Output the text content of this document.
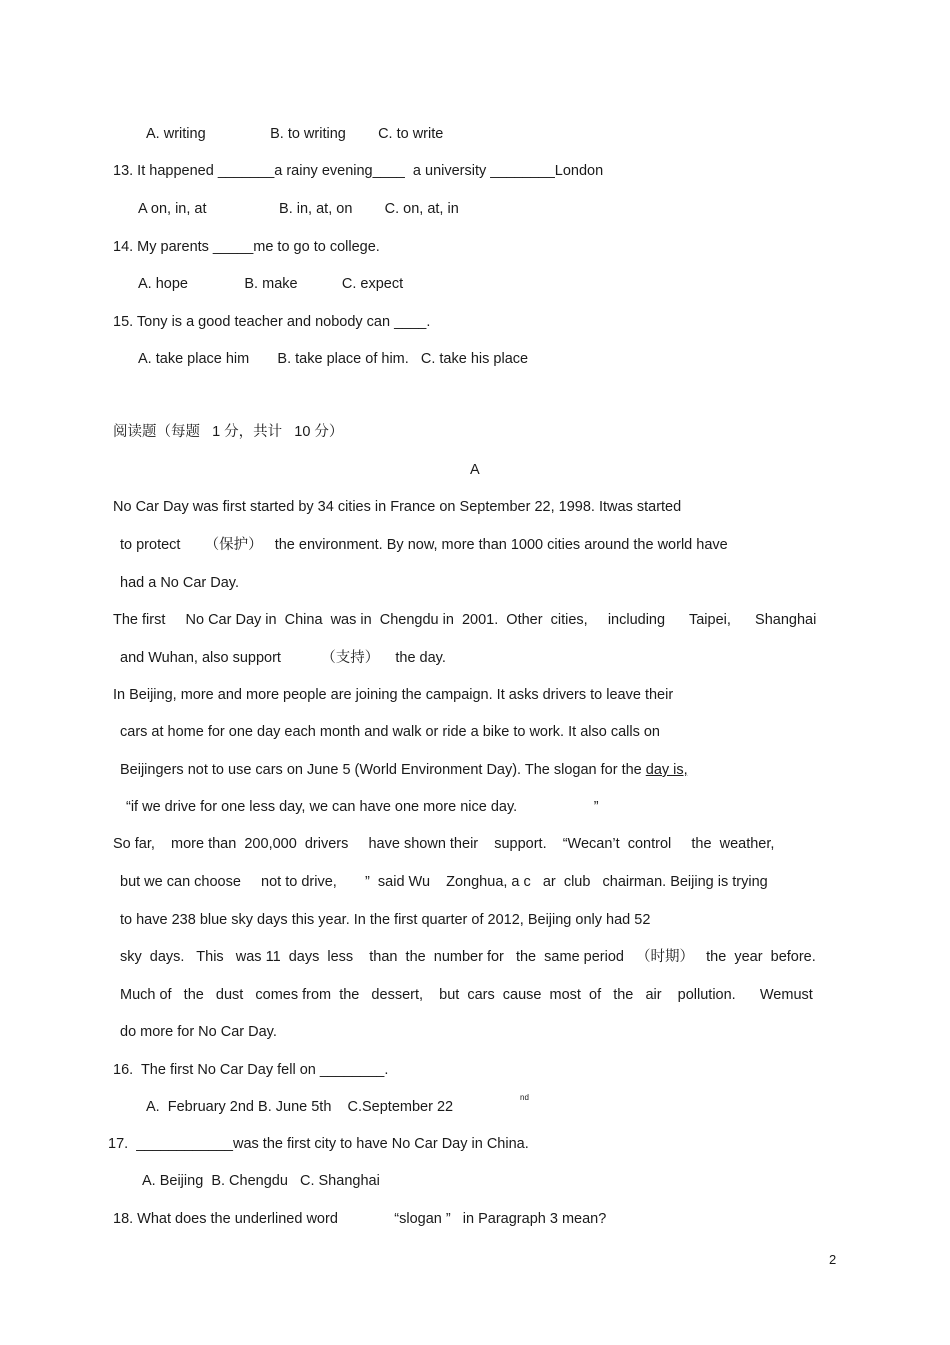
A. writing                B. to writing        C. to write
13. It happened _______a rainy evening____  a university ________London
A on, in, at                  B. in, at, on        C. on, at, in
14. My parents _____me to go to college.
A. hope              B. make           C. expect
15. Tony is a good teacher and nobody can ____.
A. take place him       B. take place of him.   C. take his place
阅读题（每题   1 分，共计   10 分）
A
No Car Day was first started by 34 cities in France on September 22, 1998. Itwas started
to protect      （保护）   the environment. By now, more than 1000 cities around the world have
had a No Car Day.
The first     No Car Day in  China  was in  Chengdu in  2001.  Other  cities,     including      Taipei,      Shanghai
and Wuhan, also support          （支持）    the day.
In Beijing, more and more people are joining the campaign. It asks drivers to leave their
cars at home for one day each month and walk or ride a bike to work. It also calls on
Beijingers not to use cars on June 5 (World Environment Day). The slogan for the day is,
“if we drive for one less day, we can have one more nice day.                   ”
So far,    more than  200,000  drivers     have shown their    support.    “Wecan’t  control     the  weather,
but we can choose     not to drive,       ”  said Wu    Zonghua, a c   ar  club   chairman. Beijing is trying
to have 238 blue sky days this year. In the first quarter of 2012, Beijing only had 52
sky  days.   This   was 11  days  less    than  the  number for   the  same period   （时期）   the  year  before.
Much of   the   dust   comes from  the   dessert,    but  cars  cause  most  of   the   air    pollution.      Wemust
do more for No Car Day.
16.  The first No Car Day fell on ________.
A.  February 2nd B. June 5th    C.September 22
nd
17.  ____________was the first city to have No Car Day in China.
A. Beijing  B. Chengdu   C. Shanghai
18. What does the underlined word              “slogan ”   in Paragraph 3 mean?
2
